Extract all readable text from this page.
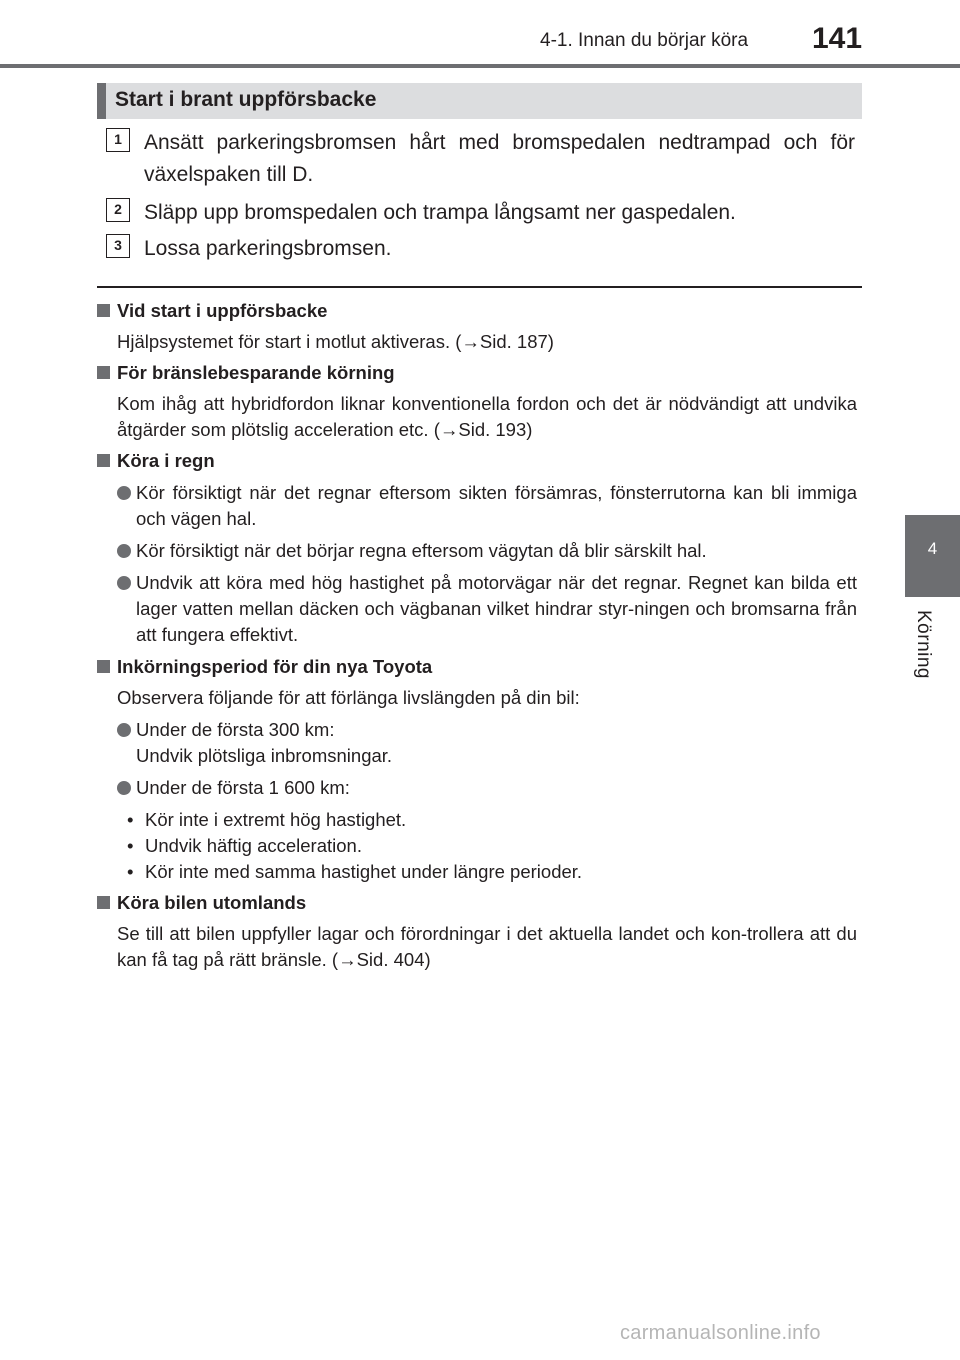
4-1. Innan du börjar köra 141
4
Körning
Start i brant uppförsbacke
1	Ansätt parkeringsbromsen hårt med bromspedalen nedtrampad och för växelspaken till D.
2	Släpp upp bromspedalen och trampa långsamt ner gaspedalen.
3	Lossa parkeringsbromsen.
Vid start i uppförsbacke
Hjälpsystemet för start i motlut aktiveras. (→Sid. 187)
För bränslebesparande körning
Kom ihåg att hybridfordon liknar konventionella fordon och det är nödvändigt att undvika åtgärder som plötslig acceleration etc. (→Sid. 193)
Köra i regn
Kör försiktigt när det regnar eftersom sikten försämras, fönsterrutorna kan bli immiga och vägen hal.
Kör försiktigt när det börjar regna eftersom vägytan då blir särskilt hal.
Undvik att köra med hög hastighet på motorvägar när det regnar. Regnet kan bilda ett lager vatten mellan däcken och vägbanan vilket hindrar styr-ningen och bromsarna från att fungera effektivt.
Inkörningsperiod för din nya Toyota
Observera följande för att förlänga livslängden på din bil:
Under de första 300 km:
Undvik plötsliga inbromsningar.
Under de första 1 600 km:
• Kör inte i extremt hög hastighet.
• Undvik häftig acceleration.
• Kör inte med samma hastighet under längre perioder.
Köra bilen utomlands
Se till att bilen uppfyller lagar och förordningar i det aktuella landet och kon-trollera att du kan få tag på rätt bränsle. (→Sid. 404)
carmanualsonline.info
